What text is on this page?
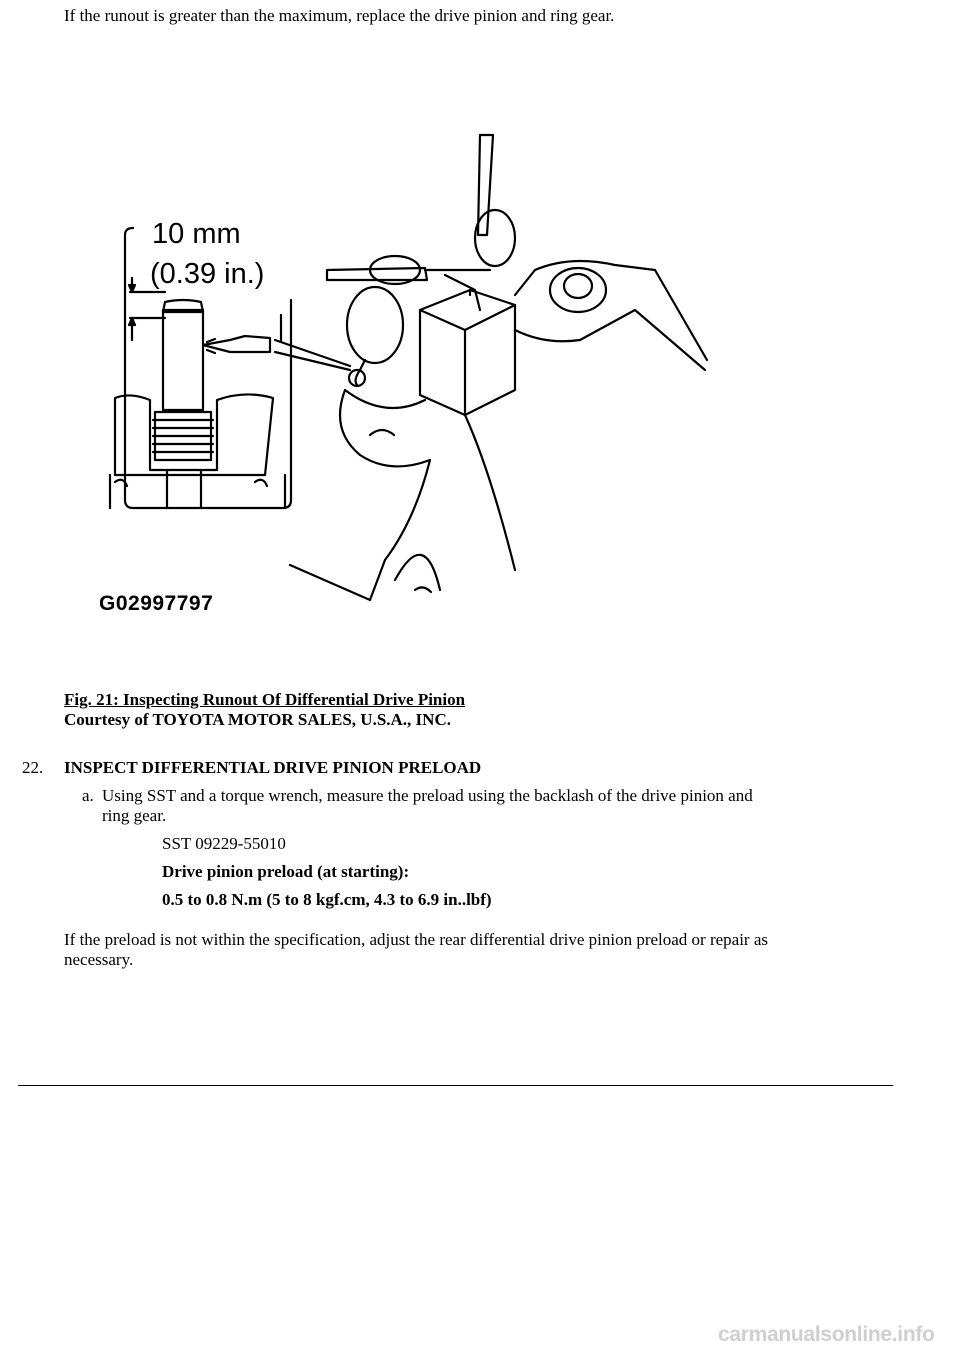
If the runout is greater than the maximum, replace the drive pinion and ring gear.
10 mm
(0.39 in.)
G02997797
Fig. 21: Inspecting Runout Of Differential Drive Pinion
Courtesy of TOYOTA MOTOR SALES, U.S.A., INC.
22. INSPECT DIFFERENTIAL DRIVE PINION PRELOAD
a. Using SST and a torque wrench, measure the preload using the backlash of the drive pinion and
ring gear.
SST 09229-55010
Drive pinion preload (at starting):
0.5 to 0.8 N.m (5 to 8 kgf.cm, 4.3 to 6.9 in..lbf)
If the preload is not within the specification, adjust the rear differential drive pinion preload or repair as
necessary.
carmanualsonline.info
